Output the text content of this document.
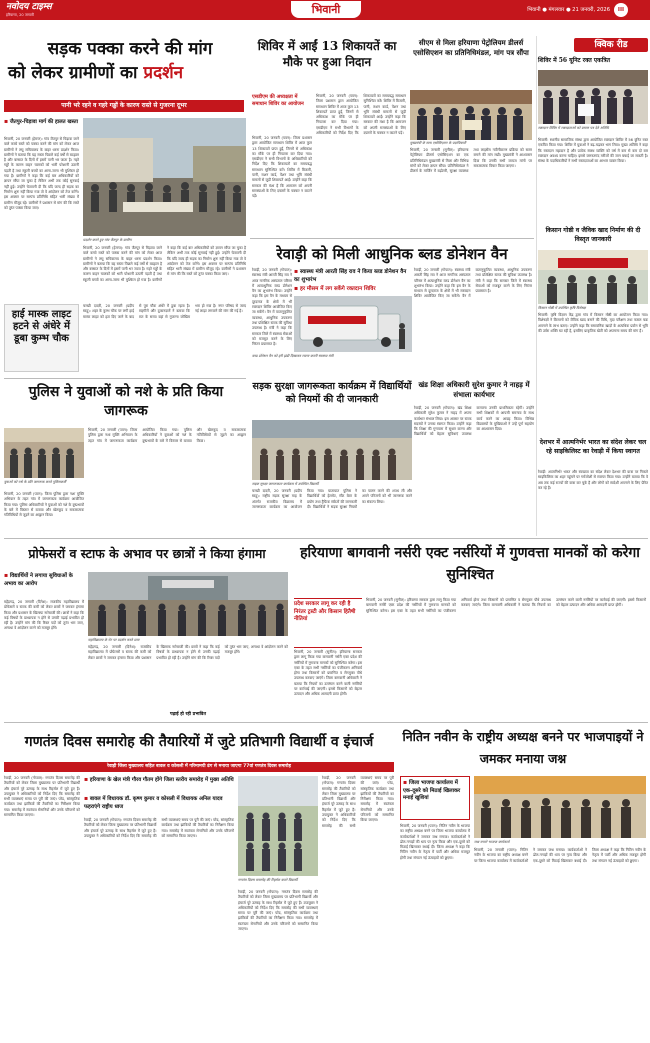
नवोदय टाइम्स
हरियाणा, 20 जनवरी	भिवानी	भिवानी ● मंगलवार ● 21 जनवरी, 2026	III
सड़क पक्का करने की मांग
को लेकर ग्रामीणों का प्रदर्शन
पानी भरे रहने व गहरे गड्ढों के कारण रास्ते से गुजरना दूभर
▪ जैतपुर-चिड़ावा मार्ग की हालत खस्ता
भिवानी, 20 जनवरी (हेमन्त): गांव जैतपुर से चिड़ावा जाने वाले कच्चे रास्ते को पक्का करने की मांग को लेकर आज ग्रामीणों ने लघु सचिवालय के बाहर धरना प्रदर्शन किया। ग्रामीणों ने बताया कि यह रास्ता पिछले कई वर्षों से बदहाल है और बरसात के दिनों में इसमें पानी भर जाता है। गहरे गड्ढों के कारण वाहन चालकों को भारी परेशानी उठानी पड़ती है तथा स्कूली बच्चों का आना-जाना भी मुश्किल हो गया है। ग्रामीणों ने कहा कि कई बार अधिकारियों को ज्ञापन सौंपा जा चुका है लेकिन अभी तक कोई सुनवाई नहीं हुई। उन्होंने चेतावनी दी कि यदि जल्द ही सड़क का निर्माण शुरू नहीं किया गया तो वे आंदोलन को तेज करेंगे। इस अवसर पर सरपंच प्रतिनिधि सहित भारी संख्या में ग्रामीण मौजूद रहे। ग्रामीणों ने प्रशासन से मांग की कि रास्ते को तुरंत पक्का किया जाए।
प्रदर्शन करते हुए गांव जैतपुर के ग्रामीण
भिवानी, 20 जनवरी (हेमन्त): गांव जैतपुर से चिड़ावा जाने वाले कच्चे रास्ते को पक्का करने की मांग को लेकर आज ग्रामीणों ने लघु सचिवालय के बाहर धरना प्रदर्शन किया। ग्रामीणों ने बताया कि यह रास्ता पिछले कई वर्षों से बदहाल है और बरसात के दिनों में इसमें पानी भर जाता है। गहरे गड्ढों के कारण वाहन चालकों को भारी परेशानी उठानी पड़ती है तथा स्कूली बच्चों का आना-जाना भी मुश्किल हो गया है। ग्रामीणों ने कहा कि कई बार अधिकारियों को ज्ञापन सौंपा जा चुका है लेकिन अभी तक कोई सुनवाई नहीं हुई। उन्होंने चेतावनी दी कि यदि जल्द ही सड़क का निर्माण शुरू नहीं किया गया तो वे आंदोलन को तेज करेंगे। इस अवसर पर सरपंच प्रतिनिधि सहित भारी संख्या में ग्रामीण मौजूद रहे। ग्रामीणों ने प्रशासन से मांग की कि रास्ते को तुरंत पक्का किया जाए।
हाई मास्क लाइट हटने से अंधेरे में डूबा कुम्भ चौक
चरखी दादरी, 20 जनवरी (प्रदीप साहू): शहर के कुम्भ चौक पर लगी हाई मास्क लाइट को हटा दिए जाने के बाद से पूरा चौक अंधेरे में डूबा रहता है। राहगीरों और दुकानदारों ने बताया कि रात के समय यहां से गुजरना जोखिम भरा हो गया है। नगर परिषद से जल्द नई लाइट लगवाने की मांग की गई है।
शिविर में आईं 13 शिकायतें का मौके पर हुआ निदान
एसडीएम की अध्यक्षता में समाधान शिविर का आयोजन
भिवानी, 20 जनवरी (पवन): जिला प्रशासन द्वारा आयोजित समाधान शिविर में आज कुल 13 शिकायतें प्राप्त हुईं, जिनमें से अधिकांश का मौके पर ही निपटारा कर दिया गया। एसडीएम ने सभी विभागों के अधिकारियों को निर्देश दिए कि शिकायतों का समयबद्ध समाधान सुनिश्चित करें। शिविर में बिजली, पानी, राशन कार्ड, पेंशन तथा भूमि संबंधी मामलों से जुड़ी शिकायतें आईं। उन्होंने कहा कि सरकार की मंशा है कि आमजन को अपनी समस्याओं के लिए दफ्तरों के चक्कर न काटने पड़ें।
भिवानी, 20 जनवरी (पवन): जिला प्रशासन द्वारा आयोजित समाधान शिविर में आज कुल 13 शिकायतें प्राप्त हुईं, जिनमें से अधिकांश का मौके पर ही निपटारा कर दिया गया। एसडीएम ने सभी विभागों के अधिकारियों को निर्देश दिए कि शिकायतों का समयबद्ध समाधान सुनिश्चित करें। शिविर में बिजली, पानी, राशन कार्ड, पेंशन तथा भूमि संबंधी मामलों से जुड़ी शिकायतें आईं। उन्होंने कहा कि सरकार की मंशा है कि आमजन को अपनी समस्याओं के लिए दफ्तरों के चक्कर न काटने पड़ें।
सीएम से मिला हरियाणा पेट्रोलियम डीलर्स एसोसिएशन का प्रतिनिधिमंडल, मांग पत्र सौंपा
मुख्यमंत्री के साथ एसोसिएशन के पदाधिकारी
भिवानी, 20 जनवरी (सुनील): हरियाणा पेट्रोलियम डीलर्स एसोसिएशन का एक प्रतिनिधिमंडल मुख्यमंत्री से मिला और विभिन्न मांगों को लेकर ज्ञापन सौंपा। प्रतिनिधिमंडल ने डीलर्स के मार्जिन में बढ़ोतरी, सुरक्षा व्यवस्था तथा लाइसेंस नवीनीकरण प्रक्रिया को सरल बनाने की मांग रखी। मुख्यमंत्री ने आश्वासन दिया कि उनकी सभी जायज मांगों पर सकारात्मक विचार किया जाएगा।
रेवाड़ी को मिली आधुनिक ब्लड डोनेशन वैन
▪ स्वास्थ्य मंत्री आरती सिंह राव ने किया ब्लड डोनेशन वैन का शुभारंभ
▪ हर मौसम में लग सकेंगे रक्तदान शिविर
रेवाड़ी, 20 जनवरी (गोपाल): स्वास्थ्य मंत्री आरती सिंह राव ने आज नागरिक अस्पताल परिसर में अत्याधुनिक ब्लड डोनेशन वैन का शुभारंभ किया। उन्होंने कहा कि इस वैन के माध्यम से दूरदराज के क्षेत्रों में भी रक्तदान शिविर आयोजित किए जा सकेंगे। वैन में वातानुकूलित व्यवस्था, आधुनिक उपकरण तथा प्रशिक्षित स्टाफ की सुविधा उपलब्ध है। मंत्री ने कहा कि सरकार जिले में स्वास्थ्य सेवाओं को मजबूत करने के लिए निरंतर प्रयासरत है।
ब्लड डोनेशन वैन को हरी झंडी दिखाकर रवाना करती स्वास्थ्य मंत्री
रेवाड़ी, 20 जनवरी (गोपाल): स्वास्थ्य मंत्री आरती सिंह राव ने आज नागरिक अस्पताल परिसर में अत्याधुनिक ब्लड डोनेशन वैन का शुभारंभ किया। उन्होंने कहा कि इस वैन के माध्यम से दूरदराज के क्षेत्रों में भी रक्तदान शिविर आयोजित किए जा सकेंगे। वैन में वातानुकूलित व्यवस्था, आधुनिक उपकरण तथा प्रशिक्षित स्टाफ की सुविधा उपलब्ध है। मंत्री ने कहा कि सरकार जिले में स्वास्थ्य सेवाओं को मजबूत करने के लिए निरंतर प्रयासरत है।
क्विक रीड
शिविर में 56 यूनिट रक्त एकत्रित
रक्तदान शिविर में रक्तदाताओं को प्रमाण पत्र देते अतिथि
भिवानी: स्थानीय सामाजिक संस्था द्वारा आयोजित रक्तदान शिविर में 56 यूनिट रक्त एकत्रित किया गया। शिविर में युवाओं ने बढ़-चढ़कर भाग लिया। मुख्य अतिथि ने कहा कि रक्तदान महादान है और प्रत्येक स्वस्थ व्यक्ति को वर्ष में कम से कम दो बार रक्तदान अवश्य करना चाहिए। इससे जरूरतमंद मरीजों की जान बचाई जा सकती है। संस्था के पदाधिकारियों ने सभी रक्तदाताओं का आभार व्यक्त किया।
किसान गोष्ठी व जैविक खाद निर्माण की दी विस्तृत जानकारी
किसान गोष्ठी में उपस्थित कृषि विशेषज्ञ
भिवानी: कृषि विज्ञान केंद्र द्वारा गांव में किसान गोष्ठी का आयोजन किया गया। विशेषज्ञों ने किसानों को जैविक खाद बनाने की विधि, मृदा परीक्षण तथा फसल चक्र अपनाने के लाभ बताए। उन्होंने कहा कि रासायनिक खादों के अत्यधिक प्रयोग से भूमि की उर्वरा शक्ति घट रही है, इसलिए प्राकृतिक खेती को अपनाना समय की मांग है।
देशभर में आत्मनिर्भर भारत का संदेश लेकर चल रहे साइकिलिस्ट का रेवाड़ी में किया स्वागत
रेवाड़ी: आत्मनिर्भर भारत और स्वच्छता का संदेश लेकर देशभर की यात्रा पर निकले साइकिलिस्ट का शहर पहुंचने पर गर्मजोशी से स्वागत किया गया। उन्होंने बताया कि वे अब तक कई राज्यों की यात्रा कर चुके हैं और लोगों को स्वदेशी अपनाने के लिए प्रेरित कर रहे हैं।
पुलिस ने युवाओं को नशे के प्रति किया जागरूक
युवाओं को नशे के प्रति जागरूक करते पुलिसकर्मी
भिवानी, 20 जनवरी (पवन): जिला पुलिस द्वारा नशा मुक्ति अभियान के तहत गांव में जागरूकता कार्यक्रम आयोजित किया गया। पुलिस अधिकारियों ने युवाओं को नशे के दुष्प्रभावों के बारे में विस्तार से बताया और खेलकूद व सकारात्मक गतिविधियों से जुड़ने का आह्वान किया।
भिवानी, 20 जनवरी (पवन): जिला पुलिस द्वारा नशा मुक्ति अभियान के तहत गांव में जागरूकता कार्यक्रम आयोजित किया गया। पुलिस अधिकारियों ने युवाओं को नशे के दुष्प्रभावों के बारे में विस्तार से बताया और खेलकूद व सकारात्मक गतिविधियों से जुड़ने का आह्वान किया।
सड़क सुरक्षा जागरूकता कार्यक्रम में विद्यार्थियों को नियमों की दी जानकारी
सड़क सुरक्षा जागरूकता कार्यक्रम में उपस्थित विद्यार्थी
चरखी दादरी, 20 जनवरी (प्रदीप साहू): राष्ट्रीय सड़क सुरक्षा माह के अंतर्गत राजकीय विद्यालय में जागरूकता कार्यक्रम का आयोजन किया गया। यातायात पुलिस ने विद्यार्थियों को हेलमेट, सीट बेल्ट के प्रयोग तथा ट्रैफिक संकेतों की जानकारी दी। विद्यार्थियों ने सड़क सुरक्षा नियमों का पालन करने की शपथ ली और अपने परिजनों को भी जागरूक करने का संकल्प लिया।
खंड शिक्षा अधिकारी सुरेश कुमार ने नाहड़ में संभाला कार्यभार
रेवाड़ी, 20 जनवरी (गोपाल): खंड शिक्षा अधिकारी सुरेश कुमार ने नाहड़ में अपना कार्यभार संभाल लिया। इस अवसर पर स्टाफ सदस्यों ने उनका स्वागत किया। उन्होंने कहा कि शिक्षा की गुणवत्ता में सुधार करना और विद्यार्थियों को बेहतर सुविधाएं उपलब्ध करवाना उनकी प्राथमिकता रहेगी। उन्होंने सभी शिक्षकों से आपसी समन्वय के साथ कार्य करने का आग्रह किया। विभिन्न विद्यालयों के मुखियाओं ने उन्हें पूर्ण सहयोग का आश्वासन दिया।
प्रोफेसरों व स्टाफ के अभाव पर छात्रों ने किया हंगामा
▪ विद्यार्थियों ने लगाया सुविधाओं के अभाव का आरोप
महेंद्रगढ़, 20 जनवरी (दिनेश): राजकीय महाविद्यालय में प्रोफेसरों व स्टाफ की कमी को लेकर छात्रों ने जमकर हंगामा किया और प्रशासन के खिलाफ नारेबाजी की। छात्रों ने कहा कि कई विषयों के प्राध्यापक न होने से उनकी पढ़ाई प्रभावित हो रही है। उन्होंने मांग की कि रिक्त पदों को तुरंत भरा जाए, अन्यथा वे आंदोलन करने को मजबूर होंगे।
महाविद्यालय के गेट पर प्रदर्शन करते छात्र
महेंद्रगढ़, 20 जनवरी (दिनेश): राजकीय महाविद्यालय में प्रोफेसरों व स्टाफ की कमी को लेकर छात्रों ने जमकर हंगामा किया और प्रशासन के खिलाफ नारेबाजी की। छात्रों ने कहा कि कई विषयों के प्राध्यापक न होने से उनकी पढ़ाई प्रभावित हो रही है। उन्होंने मांग की कि रिक्त पदों को तुरंत भरा जाए, अन्यथा वे आंदोलन करने को मजबूर होंगे।
पढ़ाई हो रही प्रभावित
हरियाणा बागवानी नर्सरी एक्ट नर्सरियों में गुणवत्ता मानकों को करेगा सुनिश्चित
प्रदेश सरकार लागू कर रही है निरंतर ट्रस्टी और किसान हितैषी नीतियां
भिवानी, 20 जनवरी (सुनील): हरियाणा सरकार द्वारा लागू किया गया बागवानी नर्सरी एक्ट प्रदेश की नर्सरियों में गुणवत्ता मानकों को सुनिश्चित करेगा। इस एक्ट के तहत सभी नर्सरियों का पंजीकरण अनिवार्य होगा तथा किसानों को प्रमाणित व रोगमुक्त पौधे उपलब्ध करवाए जाएंगे। जिला बागवानी अधिकारी ने बताया कि नियमों का उल्लंघन करने वाली नर्सरियों पर कार्रवाई की जाएगी। इससे किसानों को बेहतर उत्पादन और अधिक आमदनी प्राप्त होगी।
भिवानी, 20 जनवरी (सुनील): हरियाणा सरकार द्वारा लागू किया गया बागवानी नर्सरी एक्ट प्रदेश की नर्सरियों में गुणवत्ता मानकों को सुनिश्चित करेगा। इस एक्ट के तहत सभी नर्सरियों का पंजीकरण अनिवार्य होगा तथा किसानों को प्रमाणित व रोगमुक्त पौधे उपलब्ध करवाए जाएंगे। जिला बागवानी अधिकारी ने बताया कि नियमों का उल्लंघन करने वाली नर्सरियों पर कार्रवाई की जाएगी। इससे किसानों को बेहतर उत्पादन और अधिक आमदनी प्राप्त होगी।
गणतंत्र दिवस समारोह की तैयारियों में जुटे प्रतिभागी विद्यार्थी व इंचार्ज
रेवाड़ी जिला मुख्यालय सहित बावल व कोसली में गरिमामयी ढंग से मनाया जाएगा 77वां गणतंत्र दिवस समारोह
रेवाड़ी, 20 जनवरी (गोपाल): गणतंत्र दिवस समारोह की तैयारियों को लेकर जिला मुख्यालय पर प्रतिभागी विद्यार्थी और इंचार्ज पूरे उत्साह के साथ रिहर्सल में जुटे हुए हैं। उपायुक्त ने अधिकारियों को निर्देश दिए कि समारोह की सभी व्यवस्थाएं समय पर पूरी की जाएं। परेड, सांस्कृतिक कार्यक्रम तथा झांकियों की तैयारियों का निरीक्षण किया गया। समारोह में स्वतंत्रता सेनानियों और उनके परिजनों को सम्मानित किया जाएगा।
▪ हरियाणा के खेल मंत्री गौरव गौतम होंगे जिला स्तरीय समारोह में मुख्य अतिथि
▪ बावल में विधायक डॉ. कृष्ण कुमार व कोसली में विधायक अनिल यादव फहराएंगे राष्ट्रीय ध्वज
रेवाड़ी, 20 जनवरी (गोपाल): गणतंत्र दिवस समारोह की तैयारियों को लेकर जिला मुख्यालय पर प्रतिभागी विद्यार्थी और इंचार्ज पूरे उत्साह के साथ रिहर्सल में जुटे हुए हैं। उपायुक्त ने अधिकारियों को निर्देश दिए कि समारोह की सभी व्यवस्थाएं समय पर पूरी की जाएं। परेड, सांस्कृतिक कार्यक्रम तथा झांकियों की तैयारियों का निरीक्षण किया गया। समारोह में स्वतंत्रता सेनानियों और उनके परिजनों को सम्मानित किया जाएगा।
गणतंत्र दिवस समारोह की रिहर्सल करते विद्यार्थी
रेवाड़ी, 20 जनवरी (गोपाल): गणतंत्र दिवस समारोह की तैयारियों को लेकर जिला मुख्यालय पर प्रतिभागी विद्यार्थी और इंचार्ज पूरे उत्साह के साथ रिहर्सल में जुटे हुए हैं। उपायुक्त ने अधिकारियों को निर्देश दिए कि समारोह की सभी व्यवस्थाएं समय पर पूरी की जाएं। परेड, सांस्कृतिक कार्यक्रम तथा झांकियों की तैयारियों का निरीक्षण किया गया। समारोह में स्वतंत्रता सेनानियों और उनके परिजनों को सम्मानित किया जाएगा।
रेवाड़ी, 20 जनवरी (गोपाल): गणतंत्र दिवस समारोह की तैयारियों को लेकर जिला मुख्यालय पर प्रतिभागी विद्यार्थी और इंचार्ज पूरे उत्साह के साथ रिहर्सल में जुटे हुए हैं। उपायुक्त ने अधिकारियों को निर्देश दिए कि समारोह की सभी व्यवस्थाएं समय पर पूरी की जाएं। परेड, सांस्कृतिक कार्यक्रम तथा झांकियों की तैयारियों का निरीक्षण किया गया। समारोह में स्वतंत्रता सेनानियों और उनके परिजनों को सम्मानित किया जाएगा।
नितिन नवीन के राष्ट्रीय अध्यक्ष बनने पर भाजपाइयों ने जमकर मनाया जश्न
▪ जिला भाजपा कार्यालय में एक-दूसरे को मिठाई खिलाकर मनाई खुशियां
भिवानी, 20 जनवरी (पवन): नितिन नवीन के भाजपा का राष्ट्रीय अध्यक्ष बनने पर जिला भाजपा कार्यालय में कार्यकर्ताओं ने जमकर जश्न मनाया। कार्यकर्ताओं ने ढोल-नगाड़ों की थाप पर नृत्य किया और एक-दूसरे को मिठाई खिलाकर बधाई दी। जिला अध्यक्ष ने कहा कि नितिन नवीन के नेतृत्व में पार्टी और अधिक मजबूत होगी तथा संगठन नई ऊंचाइयों को छुएगा।
जश्न मनाते भाजपा कार्यकर्ता
भिवानी, 20 जनवरी (पवन): नितिन नवीन के भाजपा का राष्ट्रीय अध्यक्ष बनने पर जिला भाजपा कार्यालय में कार्यकर्ताओं ने जमकर जश्न मनाया। कार्यकर्ताओं ने ढोल-नगाड़ों की थाप पर नृत्य किया और एक-दूसरे को मिठाई खिलाकर बधाई दी। जिला अध्यक्ष ने कहा कि नितिन नवीन के नेतृत्व में पार्टी और अधिक मजबूत होगी तथा संगठन नई ऊंचाइयों को छुएगा।
